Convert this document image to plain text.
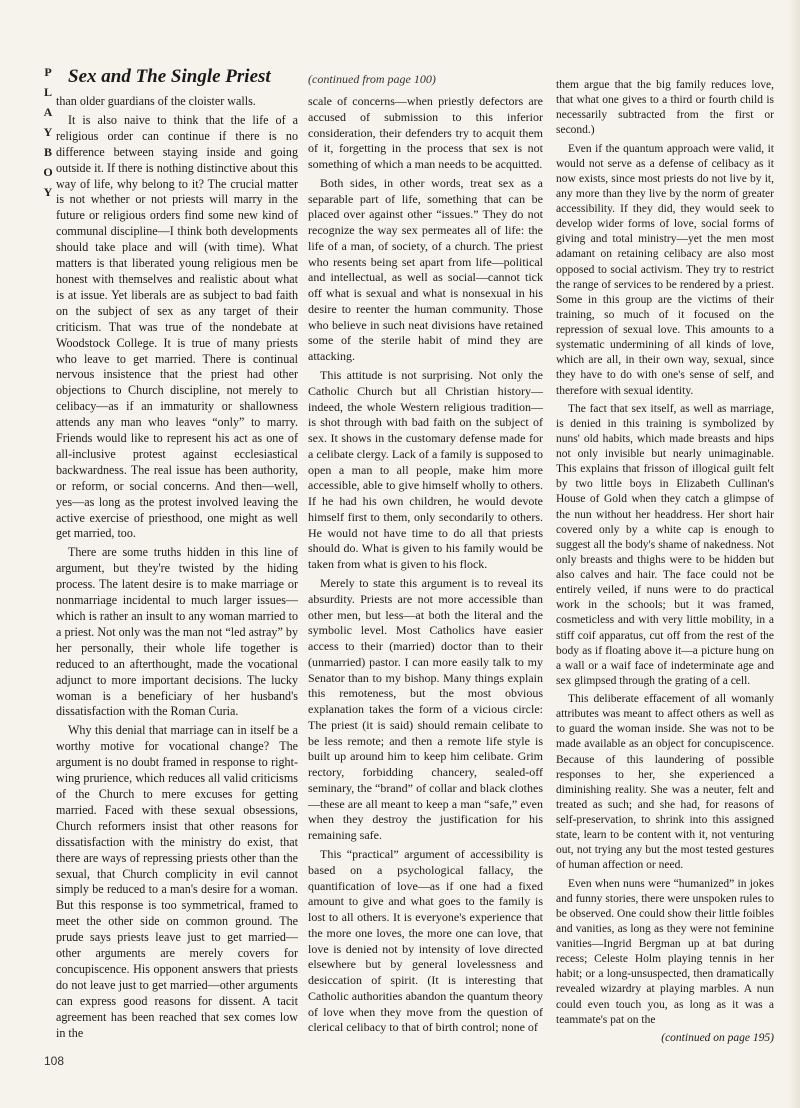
P
L
A
Y
B
O
Y
Sex and The Single Priest	(continued from page 100)

than older guardians of the cloister walls.

It is also naive to think that the life of a religious order can continue if there is no difference between staying inside and going outside it. If there is nothing distinctive about this way of life, why belong to it? The crucial matter is not whether or not priests will marry in the future or religious orders find some new kind of communal discipline—I think both developments should take place and will (with time). What matters is that liberated young religious men be honest with themselves and realistic about what is at issue. Yet liberals are as subject to bad faith on the subject of sex as any target of their criticism. That was true of the nondebate at Woodstock College. It is true of many priests who leave to get married. There is continual nervous insistence that the priest had other objections to Church discipline, not merely to celibacy—as if an immaturity or shallowness attends any man who leaves “only” to marry. Friends would like to represent his act as one of all-inclusive protest against ecclesiastical backwardness. The real issue has been authority, or reform, or social concerns. And then—well, yes—as long as the protest involved leaving the active exercise of priesthood, one might as well get married, too.

There are some truths hidden in this line of argument, but they're twisted by the hiding process. The latent desire is to make marriage or nonmarriage incidental to much larger issues—which is rather an insult to any woman married to a priest. Not only was the man not “led astray” by her personally, their whole life together is reduced to an afterthought, made the vocational adjunct to more important decisions. The lucky woman is a beneficiary of her husband's dissatisfaction with the Roman Curia.

Why this denial that marriage can in itself be a worthy motive for vocational change? The argument is no doubt framed in response to right-wing prurience, which reduces all valid criticisms of the Church to mere excuses for getting married. Faced with these sexual obsessions, Church reformers insist that other reasons for dissatisfaction with the ministry do exist, that there are ways of repressing priests other than the sexual, that Church complicity in evil cannot simply be reduced to a man's desire for a woman. But this response is too symmetrical, framed to meet the other side on common ground. The prude says priests leave just to get married—other arguments are merely covers for concupiscence. His opponent answers that priests do not leave just to get married—other arguments can express good reasons for dissent. A tacit agreement has been reached that sex comes low in the

scale of concerns—when priestly defectors are accused of submission to this inferior consideration, their defenders try to acquit them of it, forgetting in the process that sex is not something of which a man needs to be acquitted.

Both sides, in other words, treat sex as a separable part of life, something that can be placed over against other “issues.” They do not recognize the way sex permeates all of life: the life of a man, of society, of a church. The priest who resents being set apart from life—political and intellectual, as well as social—cannot tick off what is sexual and what is nonsexual in his desire to reenter the human community. Those who believe in such neat divisions have retained some of the sterile habit of mind they are attacking.

This attitude is not surprising. Not only the Catholic Church but all Christian history—indeed, the whole Western religious tradition—is shot through with bad faith on the subject of sex. It shows in the customary defense made for a celibate clergy. Lack of a family is supposed to open a man to all people, make him more accessible, able to give himself wholly to others. If he had his own children, he would devote himself first to them, only secondarily to others. He would not have time to do all that priests should do. What is given to his family would be taken from what is given to his flock.

Merely to state this argument is to reveal its absurdity. Priests are not more accessible than other men, but less—at both the literal and the symbolic level. Most Catholics have easier access to their (married) doctor than to their (unmarried) pastor. I can more easily talk to my Senator than to my bishop. Many things explain this remoteness, but the most obvious explanation takes the form of a vicious circle: The priest (it is said) should remain celibate to be less remote; and then a remote life style is built up around him to keep him celibate. Grim rectory, forbidding chancery, sealed-off seminary, the “brand” of collar and black clothes—these are all meant to keep a man “safe,” even when they destroy the justification for his remaining safe.

This “practical” argument of accessibility is based on a psychological fallacy, the quantification of love—as if one had a fixed amount to give and what goes to the family is lost to all others. It is everyone's experience that the more one loves, the more one can love, that love is denied not by intensity of love directed elsewhere but by general lovelessness and desiccation of spirit. (It is interesting that Catholic authorities abandon the quantum theory of love when they move from the question of clerical celibacy to that of birth control; none of

them argue that the big family reduces love, that what one gives to a third or fourth child is necessarily subtracted from the first or second.)

Even if the quantum approach were valid, it would not serve as a defense of celibacy as it now exists, since most priests do not live by it, any more than they live by the norm of greater accessibility. If they did, they would seek to develop wider forms of love, social forms of giving and total ministry—yet the men most adamant on retaining celibacy are also most opposed to social activism. They try to restrict the range of services to be rendered by a priest. Some in this group are the victims of their training, so much of it focused on the repression of sexual love. This amounts to a systematic undermining of all kinds of love, which are all, in their own way, sexual, since they have to do with one's sense of self, and therefore with sexual identity.

The fact that sex itself, as well as marriage, is denied in this training is symbolized by nuns' old habits, which made breasts and hips not only invisible but nearly unimaginable. This explains that frisson of illogical guilt felt by two little boys in Elizabeth Cullinan's House of Gold when they catch a glimpse of the nun without her headdress. Her short hair covered only by a white cap is enough to suggest all the body's shame of nakedness. Not only breasts and thighs were to be hidden but also calves and hair. The face could not be entirely veiled, if nuns were to do practical work in the schools; but it was framed, cosmeticless and with very little mobility, in a stiff coif apparatus, cut off from the rest of the body as if floating above it—a picture hung on a wall or a waif face of indeterminate age and sex glimpsed through the grating of a cell.

This deliberate effacement of all womanly attributes was meant to affect others as well as to guard the woman inside. She was not to be made available as an object for concupiscence. Because of this laundering of possible responses to her, she experienced a diminishing reality. She was a neuter, felt and treated as such; and she had, for reasons of self-preservation, to shrink into this assigned state, learn to be content with it, not venturing out, not trying any but the most tested gestures of human affection or need.

Even when nuns were “humanized” in jokes and funny stories, there were unspoken rules to be observed. One could show their little foibles and vanities, as long as they were not feminine vanities—Ingrid Bergman up at bat during recess; Celeste Holm playing tennis in her habit; or a long-unsuspected, then dramatically revealed wizardry at playing marbles. A nun could even touch you, as long as it was a teammate's pat on the

(continued on page 195)
108
